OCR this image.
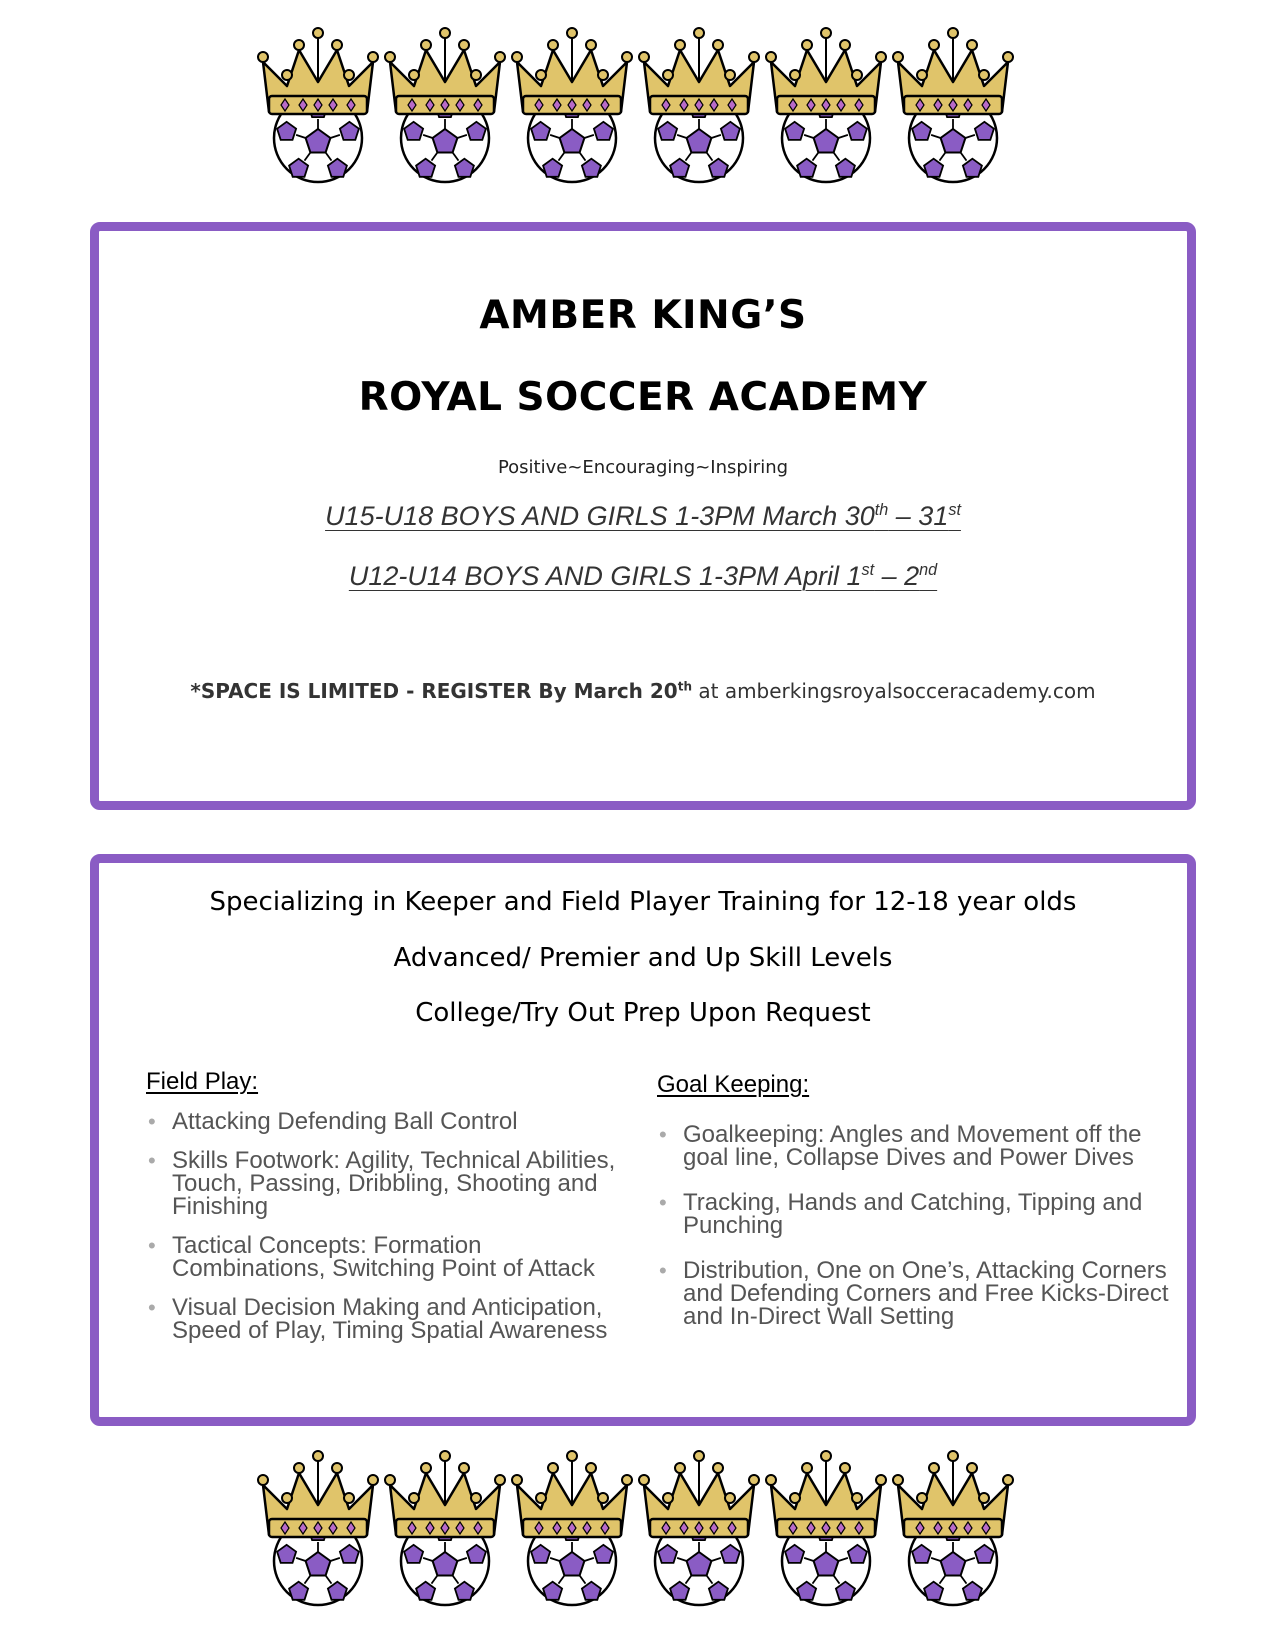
AMBER KING’S
ROYAL SOCCER ACADEMY
Positive~Encouraging~Inspiring
U15-U18 BOYS AND GIRLS 1-3PM March 30th – 31st
U12-U14 BOYS AND GIRLS 1-3PM April 1st – 2nd
*SPACE IS LIMITED - REGISTER By March 20th at amberkingsroyalsocceracademy.com
Specializing in Keeper and Field Player Training for 12-18 year olds
Advanced/ Premier and Up Skill Levels
College/Try Out Prep Upon Request
Field Play:
• Attacking Defending Ball Control
• Skills Footwork: Agility, Technical Abilities, Touch, Passing, Dribbling, Shooting and Finishing
• Tactical Concepts: Formation Combinations, Switching Point of Attack
• Visual Decision Making and Anticipation, Speed of Play, Timing Spatial Awareness
Goal Keeping:
• Goalkeeping: Angles and Movement off the goal line, Collapse Dives and Power Dives
• Tracking, Hands and Catching, Tipping and Punching
• Distribution, One on One’s, Attacking Corners and Defending Corners and Free Kicks-Direct and In-Direct Wall Setting
